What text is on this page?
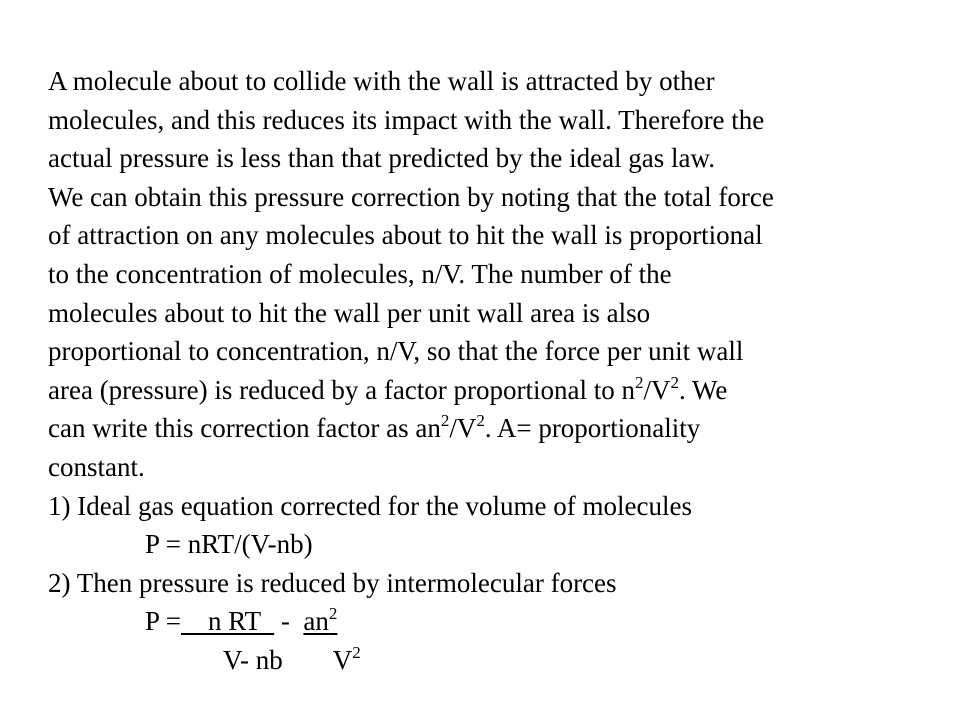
A molecule about to collide with the wall is attracted by other
molecules, and this reduces its impact with the wall. Therefore the
actual pressure is less than that predicted by the ideal gas law.
We can obtain this pressure correction by noting that the total force
of attraction on any molecules about to hit the wall is proportional
to the concentration of molecules, n/V. The number of the
molecules about to hit the wall per unit wall area is also
proportional to concentration, n/V, so that the force per unit wall
area (pressure) is reduced by a factor proportional to $n^2/V^2$. We
can write this correction factor as $an^2/V^2$. A= proportionality
constant.
1) Ideal gas equation corrected for the volume of molecules
P = nRT/(V-nb)
2) Then pressure is reduced by intermolecular forces
P =    n RT   -  $an^2$
V- nb $V^2$
